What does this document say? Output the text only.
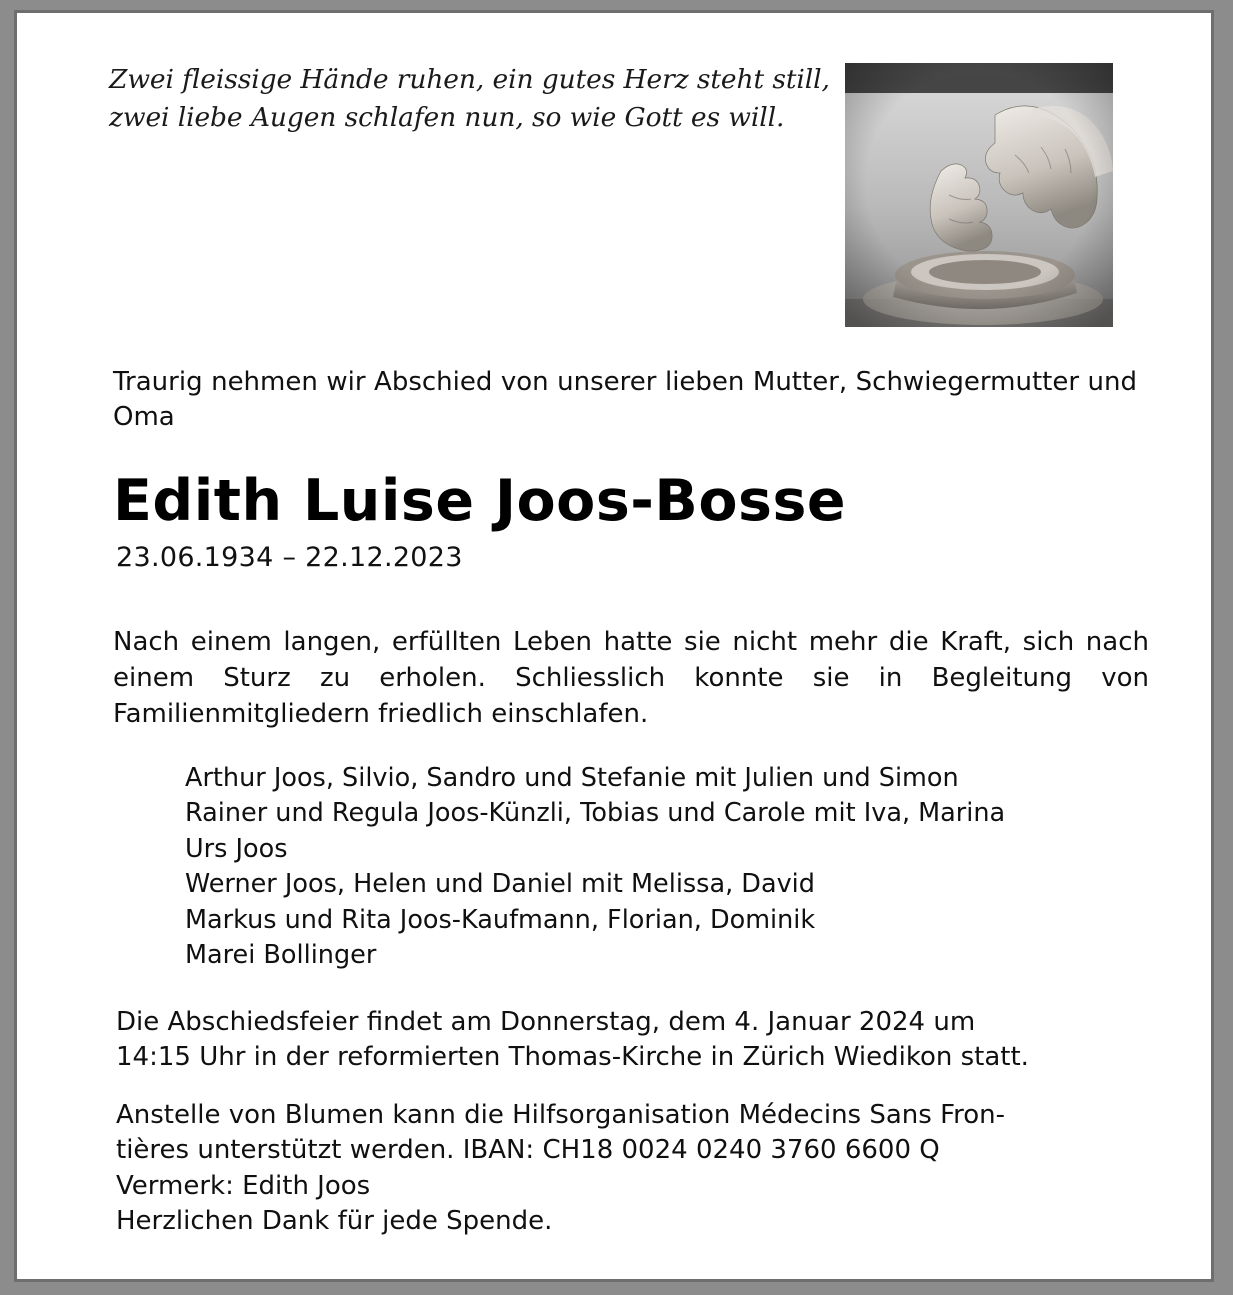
Zwei fleissige Hände ruhen, ein gutes Herz steht still,
zwei liebe Augen schlafen nun, so wie Gott es will.
Traurig nehmen wir Abschied von unserer lieben Mutter, Schwiegermutter und Oma
Edith Luise Joos-Bosse
23.06.1934 – 22.12.2023
Nach einem langen, erfüllten Leben hatte sie nicht mehr die Kraft, sich nach einem Sturz zu erholen. Schliesslich konnte sie in Begleitung von Familienmitgliedern friedlich einschlafen.
Arthur Joos, Silvio, Sandro und Stefanie mit Julien und Simon
Rainer und Regula Joos-Künzli, Tobias und Carole mit Iva, Marina
Urs Joos
Werner Joos, Helen und Daniel mit Melissa, David
Markus und Rita Joos-Kaufmann, Florian, Dominik
Marei Bollinger
Die Abschiedsfeier findet am Donnerstag, dem 4. Januar 2024 um
14:15 Uhr in der reformierten Thomas-Kirche in Zürich Wiedikon statt.
Anstelle von Blumen kann die Hilfsorganisation Médecins Sans Fron-
tières unterstützt werden. IBAN: CH18 0024 0240 3760 6600 Q
Vermerk: Edith Joos
Herzlichen Dank für jede Spende.
